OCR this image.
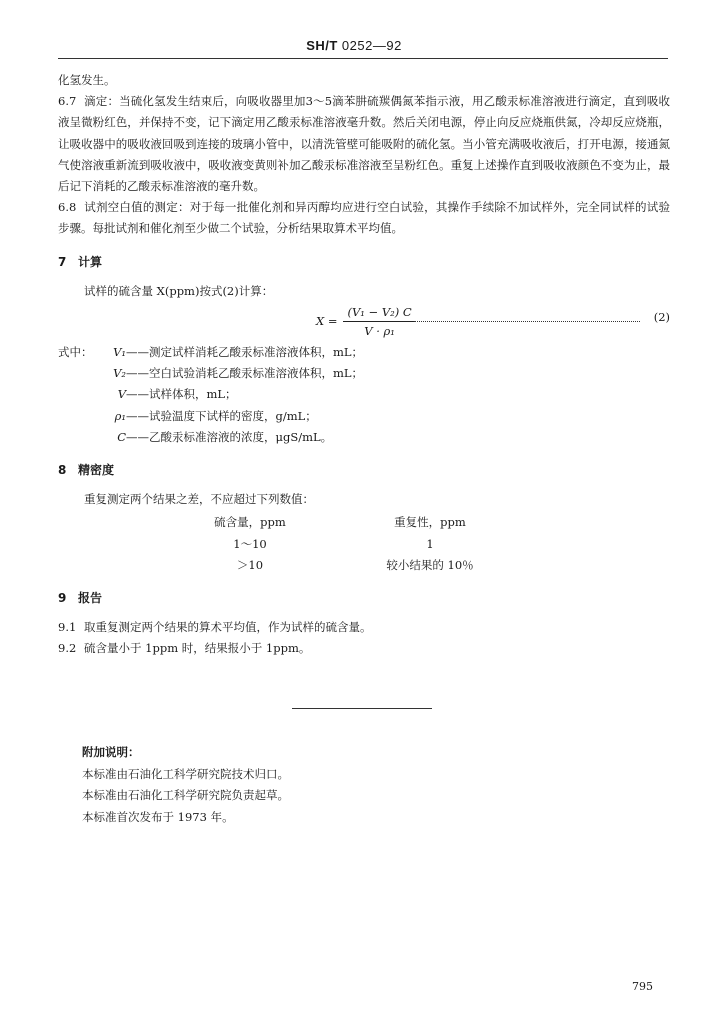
SH/T 0252—92

化氢发生。

6.7 滴定：当硫化氢发生结束后，向吸收器里加3～5滴苯肼硫羰偶氮苯指示液，用乙酸汞标准溶液进行滴定，直到吸收液呈微粉红色，并保持不变，记下滴定用乙酸汞标准溶液毫升数。然后关闭电源，停止向反应烧瓶供氮，冷却反应烧瓶，让吸收器中的吸收液回吸到连接的玻璃小管中，以清洗管壁可能吸附的硫化氢。当小管充满吸收液后，打开电源，接通氮气使溶液重新流到吸收液中，吸收液变黄则补加乙酸汞标准溶液至呈粉红色。重复上述操作直到吸收液颜色不变为止，最后记下消耗的乙酸汞标准溶液的毫升数。

6.8 试剂空白值的测定：对于每一批催化剂和异丙醇均应进行空白试验，其操作手续除不加试样外，完全同试样的试验步骤。每批试剂和催化剂至少做二个试验，分析结果取算术平均值。

7 计算

试样的硫含量 X(ppm)按式(2)计算：

$X = \frac{\text{(V₁ − V₂) C}}{\text{V · ρ₁}}$	(2)
式中：	V₁ ——测定试样消耗乙酸汞标准溶液体积，mL；
V₂ ——空白试验消耗乙酸汞标准溶液体积，mL；
V ——试样体积，mL；
ρ₁ ——试验温度下试样的密度，g/mL；
C ——乙酸汞标准溶液的浓度，μgS/mL。
8 精密度

重复测定两个结果之差，不应超过下列数值：

硫含量，ppm	重复性，ppm
1～10	1
＞10	较小结果的 10％
9 报告

9.1 取重复测定两个结果的算术平均值，作为试样的硫含量。

9.2 硫含量小于 1ppm 时，结果报小于 1ppm。

附加说明：
本标准由石油化工科学研究院技术归口。
本标准由石油化工科学研究院负责起草。
本标准首次发布于 1973 年。
795
